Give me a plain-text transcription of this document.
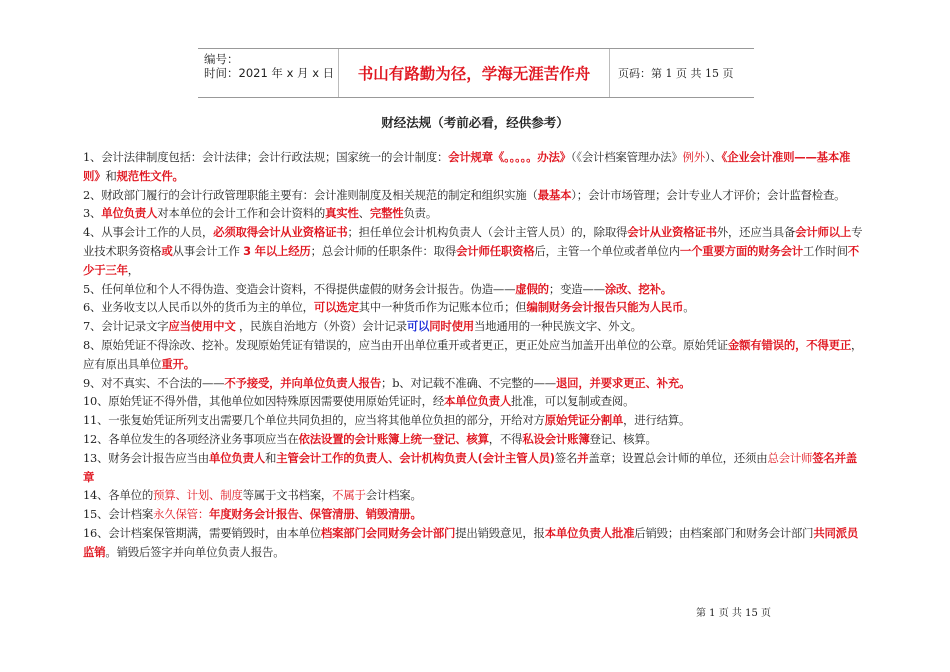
编号：
时间：2021 年 x 月 x 日	书山有路勤为径，学海无涯苦作舟	页码：第 1 页 共 15 页
财经法规（考前必看，经供参考）

1、会计法律制度包括：会计法律；会计行政法规；国家统一的会计制度：会计规章《。。。。。办法》（《会计档案管理办法》例外）、《企业会计准则——基本准则》和规范性文件。

2、财政部门履行的会计行政管理职能主要有：会计准则制度及相关规范的制定和组织实施（最基本）；会计市场管理；会计专业人才评价；会计监督检查。

3、单位负责人对本单位的会计工作和会计资料的真实性、完整性负责。

4、从事会计工作的人员，必须取得会计从业资格证书；担任单位会计机构负责人（会计主管人员）的，除取得会计从业资格证书外，还应当具备会计师以上专业技术职务资格或从事会计工作 3 年以上经历；总会计师的任职条件：取得会计师任职资格后，主管一个单位或者单位内一个重要方面的财务会计工作时间不少于三年，

5、任何单位和个人不得伪造、变造会计资料，不得提供虚假的财务会计报告。伪造——虚假的；变造——涂改、挖补。

6、业务收支以人民币以外的货币为主的单位，可以选定其中一种货币作为记账本位币；但编制财务会计报告只能为人民币。

7、会计记录文字应当使用中文 ，民族自治地方（外资）会计记录可以同时使用当地通用的一种民族文字、外文。

8、原始凭证不得涂改、挖补。发现原始凭证有错误的，应当由开出单位重开或者更正，更正处应当加盖开出单位的公章。原始凭证金额有错误的，不得更正，应有原出具单位重开。

9、对不真实、不合法的——不予接受，并向单位负责人报告；b、对记载不准确、不完整的——退回，并要求更正、补充。

10、原始凭证不得外借，其他单位如因特殊原因需要使用原始凭证时，经本单位负责人批准，可以复制或查阅。

11、一张复始凭证所列支出需要几个单位共同负担的，应当将其他单位负担的部分，开给对方原始凭证分割单，进行结算。

12、各单位发生的各项经济业务事项应当在依法设置的会计账簿上统一登记、核算，不得私设会计账簿登记、核算。

13、财务会计报告应当由单位负责人和主管会计工作的负责人、会计机构负责人(会计主管人员)签名并盖章；设置总会计师的单位，还须由总会计师签名并盖章

14、各单位的预算、计划、制度等属于文书档案，不属于会计档案。

15、会计档案永久保管：年度财务会计报告、保管清册、销毁清册。

16、会计档案保管期满，需要销毁时，由本单位档案部门会同财务会计部门提出销毁意见，报本单位负责人批准后销毁；由档案部门和财务会计部门共同派员监销。销毁后签字并向单位负责人报告。

第 1 页 共 15 页
